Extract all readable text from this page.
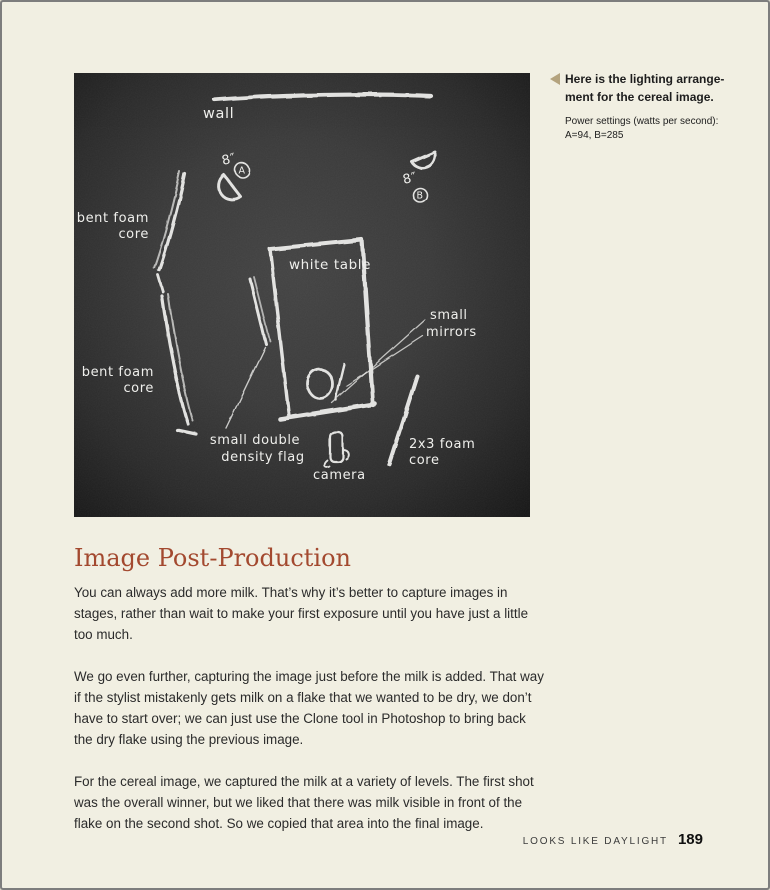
wall
8″
A	8″
B
bent foam
core
bent foam
core
white table
small
mirrors
small double
density flag
camera
2x3 foam
core
Here is the lighting arrange-
ment for the cereal image.
Power settings (watts per second):
A=94, B=285
Image Post-Production

You can always add more milk. That’s why it’s better to capture images in stages, rather than wait to make your first exposure until you have just a little too much.

We go even further, capturing the image just before the milk is added. That way if the stylist mistakenly gets milk on a flake that we wanted to be dry, we don’t have to start over; we can just use the Clone tool in Photoshop to bring back the dry flake using the previous image.

For the cereal image, we captured the milk at a variety of levels. The first shot was the overall winner, but we liked that there was milk visible in front of the flake on the second shot. So we copied that area into the final image.

LOOKS LIKE DAYLIGHT 189
